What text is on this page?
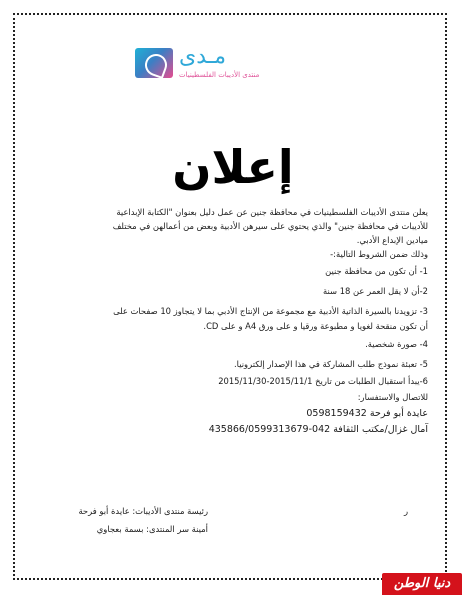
مـدى
منتدى الأديبات الفلسطينيات
إعلان

يعلن منتدى الأديبات الفلسطينيات في محافظة جنين عن عمل دليل بعنوان "الكتابة الإبداعية

للأديبات في محافظة جنين" والذي يحتوي على سيرهن الأدبية وبعض من أعمالهن في مختلف

ميادين الإبداع الأدبي.

وذلك ضمن الشروط التالية:-

1- أن تكون من محافظة جنين

2-أن لا يقل العمر عن 18 سنة

3- تزويدنا بالسيرة الذاتية الأدبية مع مجموعة من الإنتاج الأدبي بما لا يتجاوز 10 صفحات على

أن تكون منقحة لغويا و مطبوعة ورقيا و على ورق A4 و على CD.

4- صورة شخصية.

5- تعبئة نموذج طلب المشاركة في هذا الإصدار إلكترونيا.

6-يبدأ استقبال الطلبات من تاريخ 2015/11/1-2015/11/30

للاتصال والاستفسار:

عايدة أبو فرحة 0598159432

آمال غزال/مكتب الثقافة 042-435866/0599313679

ر
رئيسة منتدى الأديبات: عايدة أبو فرحة
أمينة سر المنتدى: بسمة بعجاوي
دنيا الوطن
